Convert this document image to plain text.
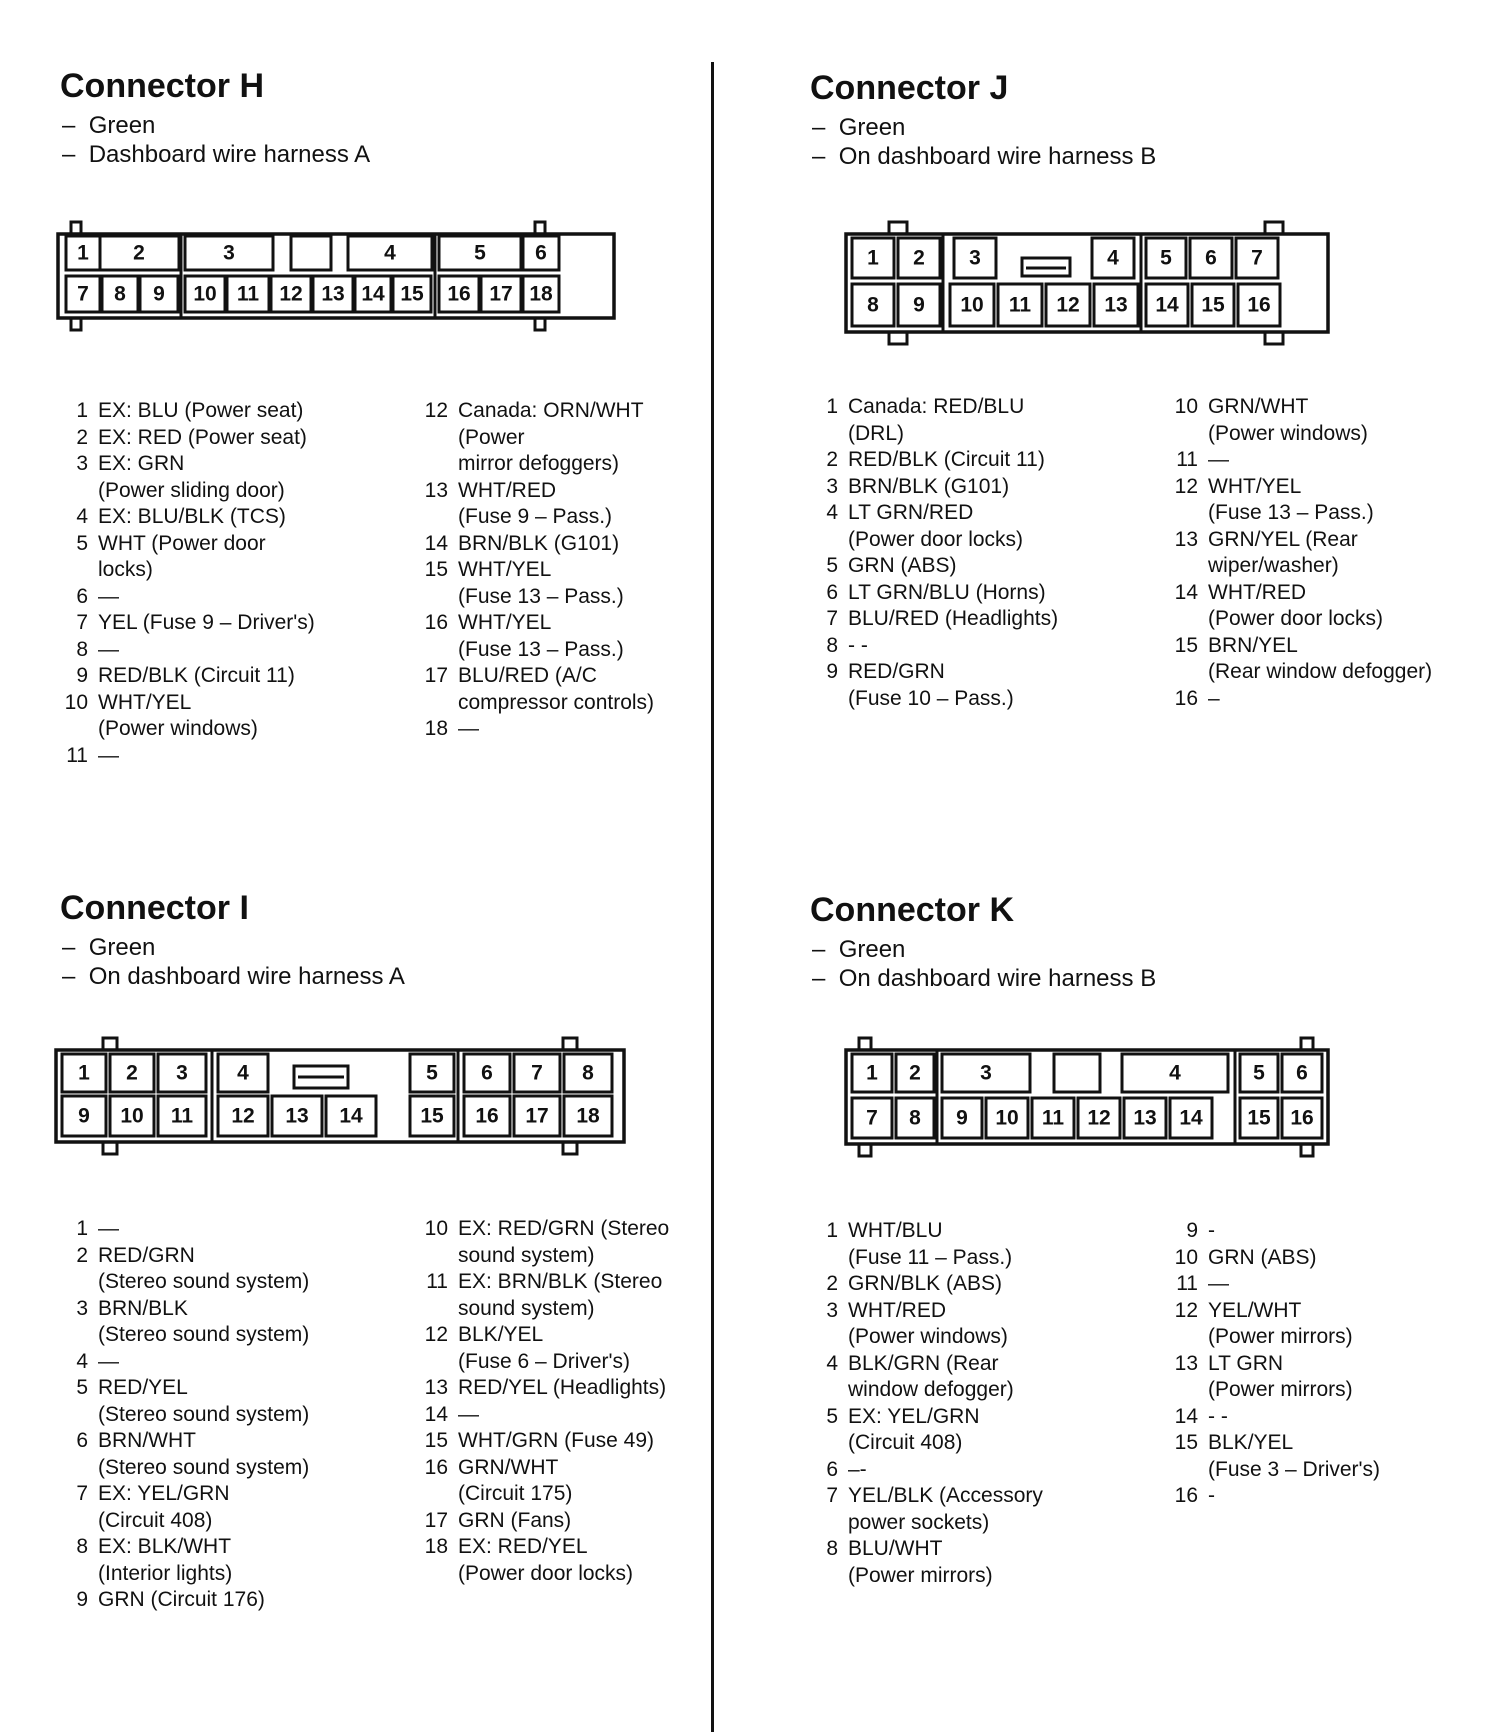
Connector H
–  Green
–  Dashboard wire harness A
1 2	3	4	5 6
7 8 9 10 11 12 13 14 15 16 17 18
1 EX: BLU (Power seat)
2 EX: RED (Power seat)
3 EX: GRN
(Power sliding door)
4 EX: BLU/BLK (TCS)
5 WHT (Power door
locks)
6 —
7 YEL (Fuse 9 – Driver's)
8 —
9 RED/BLK (Circuit 11)
10 WHT/YEL
(Power windows)
11 —
12 Canada: ORN/WHT
(Power
mirror defoggers)
13 WHT/RED
(Fuse 9 – Pass.)
14 BRN/BLK (G101)
15 WHT/YEL
(Fuse 13 – Pass.)
16 WHT/YEL
(Fuse 13 – Pass.)
17 BLU/RED (A/C
compressor controls)
18 —
Connector J
–  Green
–  On dashboard wire harness B
1 2 3	4 5 6 7
8 9 10 11 12 13 14 15 16
1 Canada: RED/BLU
(DRL)
2 RED/BLK (Circuit 11)
3 BRN/BLK (G101)
4 LT GRN/RED
(Power door locks)
5 GRN (ABS)
6 LT GRN/BLU (Horns)
7 BLU/RED (Headlights)
8 - -
9 RED/GRN
(Fuse 10 – Pass.)
10 GRN/WHT
(Power windows)
11 —
12 WHT/YEL
(Fuse 13 – Pass.)
13 GRN/YEL (Rear
wiper/washer)
14 WHT/RED
(Power door locks)
15 BRN/YEL
(Rear window defogger)
16 –
Connector I
–  Green
–  On dashboard wire harness A
1 2 3 4	5 6 7 8
9 10 11 12 13 14	15 16 17 18
1 —
2 RED/GRN
(Stereo sound system)
3 BRN/BLK
(Stereo sound system)
4 —
5 RED/YEL
(Stereo sound system)
6 BRN/WHT
(Stereo sound system)
7 EX: YEL/GRN
(Circuit 408)
8 EX: BLK/WHT
(Interior lights)
9 GRN (Circuit 176)
10 EX: RED/GRN (Stereo
sound system)
11 EX: BRN/BLK (Stereo
sound system)
12 BLK/YEL
(Fuse 6 – Driver's)
13 RED/YEL (Headlights)
14 —
15 WHT/GRN (Fuse 49)
16 GRN/WHT
(Circuit 175)
17 GRN (Fans)
18 EX: RED/YEL
(Power door locks)
Connector K
–  Green
–  On dashboard wire harness B
1 2	3	4	5 6
7 8 9 10 11 12 13 14 15 16
1 WHT/BLU
(Fuse 11 – Pass.)
2 GRN/BLK (ABS)
3 WHT/RED
(Power windows)
4 BLK/GRN (Rear
window defogger)
5 EX: YEL/GRN
(Circuit 408)
6 –-
7 YEL/BLK (Accessory
power sockets)
8 BLU/WHT
(Power mirrors)
9 -
10 GRN (ABS)
11 —
12 YEL/WHT
(Power mirrors)
13 LT GRN
(Power mirrors)
14 - -
15 BLK/YEL
(Fuse 3 – Driver's)
16 -
